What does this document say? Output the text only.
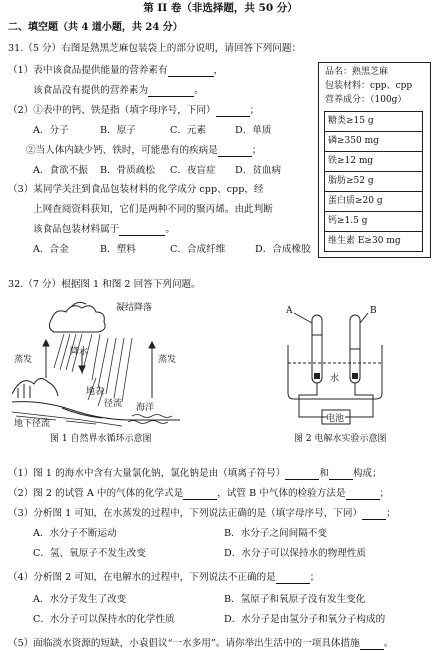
第 II 卷（非选择题，共 50 分）
二、填空题（共 4 道小题，共 24 分）
31.（5 分）右图是熟黑芝麻包装袋上的部分说明，请回答下列问题：
（1）表中该食品提供能量的营养素有	，
该食品没有提供的营养素为	。
（2）①表中的钙、铁是指（填字母序号，下同）	；
A．分子	B．原子	C．元素	D．单质
②当人体内缺少钙、铁时，可能患有的疾病是	；
A．食欲不振 B．骨质疏松 C．夜盲症 D．贫血病
（3）某同学关注到食品包装材料的化学成分 cpp、cpp，经
上网查阅资料获知，它们是两种不同的聚丙烯。由此判断
该食品包装材料属于	。
A．合金	B．塑料	C．合成纤维	D．合成橡胶
品名：熟黑芝麻
包装材料：cpp、cpp
营养成分：（100g）
糖类≥15 g
磷≥350 mg
铁≥12 mg
脂肪≥52 g
蛋白质≥20 g
钙≥1.5 g
维生素 E≥30 mg
32.（7 分）根据图 1 和图 2 回答下列问题。
凝结降落
蒸发
降水
蒸发
地表
径流
地下径流
海洋
图 1 自然界水循环示意图
A	B
水
电池
图 2 电解水实验示意图
（1）图 1 的海水中含有大量氯化钠，氯化钠是由（填离子符号）	和	构成；
（2）图 2 的试管 A 中的气体的化学式是	，试管 B 中气体的检验方法是	；
（3）分析图 1 可知，在水蒸发的过程中，下列说法正确的是（填字母序号，下同）	；
A．水分子不断运动	B．水分子之间间隔不变
C．氢、氧原子不发生改变	D．水分子可以保持水的物理性质
（4）分析图 2 可知，在电解水的过程中，下列说法不正确的是	；
A．水分子发生了改变	B．氢原子和氧原子没有发生变化
C．水分子可以保持水的化学性质	D．水分子是由氢分子和氧分子构成的
（5）面临淡水资源的短缺，小袁倡议“一水多用”。请你举出生活中的一项具体措施	。
